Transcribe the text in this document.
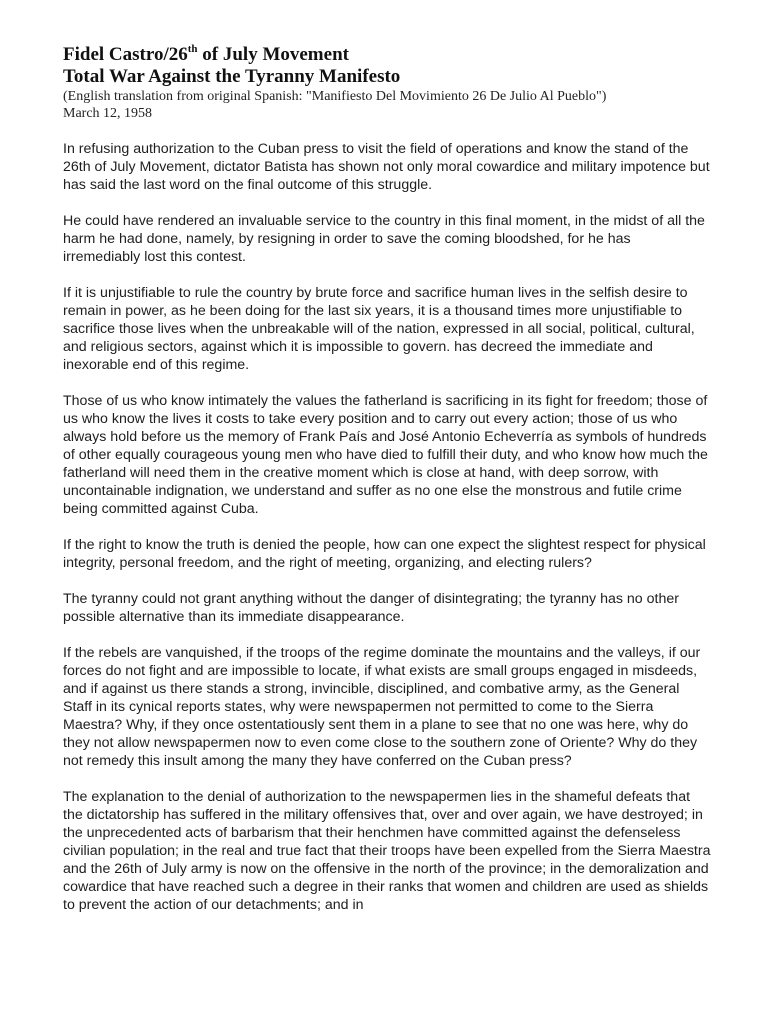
Fidel Castro/26th of July Movement
Total War Against the Tyranny Manifesto

(English translation from original Spanish: "Manifiesto Del Movimiento 26 De Julio Al Pueblo")

March 12, 1958

In refusing authorization to the Cuban press to visit the field of operations and know the stand of the 26th of July Movement, dictator Batista has shown not only moral cowardice and military impotence but has said the last word on the final outcome of this struggle.

He could have rendered an invaluable service to the country in this final moment, in the midst of all the harm he had done, namely, by resigning in order to save the coming bloodshed, for he has irremediably lost this contest.

If it is unjustifiable to rule the country by brute force and sacrifice human lives in the selfish desire to remain in power, as he been doing for the last six years, it is a thousand times more unjustifiable to sacrifice those lives when the unbreakable will of the nation, expressed in all social, political, cultural, and religious sectors, against which it is impossible to govern. has decreed the immediate and inexorable end of this regime.

Those of us who know intimately the values the fatherland is sacrificing in its fight for freedom; those of us who know the lives it costs to take every position and to carry out every action; those of us who always hold before us the memory of Frank País and José Antonio Echeverría as symbols of hundreds of other equally courageous young men who have died to fulfill their duty, and who know how much the fatherland will need them in the creative moment which is close at hand, with deep sorrow, with uncontainable indignation, we understand and suffer as no one else the monstrous and futile crime being committed against Cuba.

If the right to know the truth is denied the people, how can one expect the slightest respect for physical integrity, personal freedom, and the right of meeting, organizing, and electing rulers?

The tyranny could not grant anything without the danger of disintegrating; the tyranny has no other possible alternative than its immediate disappearance.

If the rebels are vanquished, if the troops of the regime dominate the mountains and the valleys, if our forces do not fight and are impossible to locate, if what exists are small groups engaged in misdeeds, and if against us there stands a strong, invincible, disciplined, and combative army, as the General Staff in its cynical reports states, why were newspapermen not permitted to come to the Sierra Maestra? Why, if they once ostentatiously sent them in a plane to see that no one was here, why do they not allow newspapermen now to even come close to the southern zone of Oriente? Why do they not remedy this insult among the many they have conferred on the Cuban press?

The explanation to the denial of authorization to the newspapermen lies in the shameful defeats that the dictatorship has suffered in the military offensives that, over and over again, we have destroyed; in the unprecedented acts of barbarism that their henchmen have committed against the defenseless civilian population; in the real and true fact that their troops have been expelled from the Sierra Maestra and the 26th of July army is now on the offensive in the north of the province; in the demoralization and cowardice that have reached such a degree in their ranks that women and children are used as shields to prevent the action of our detachments; and in
